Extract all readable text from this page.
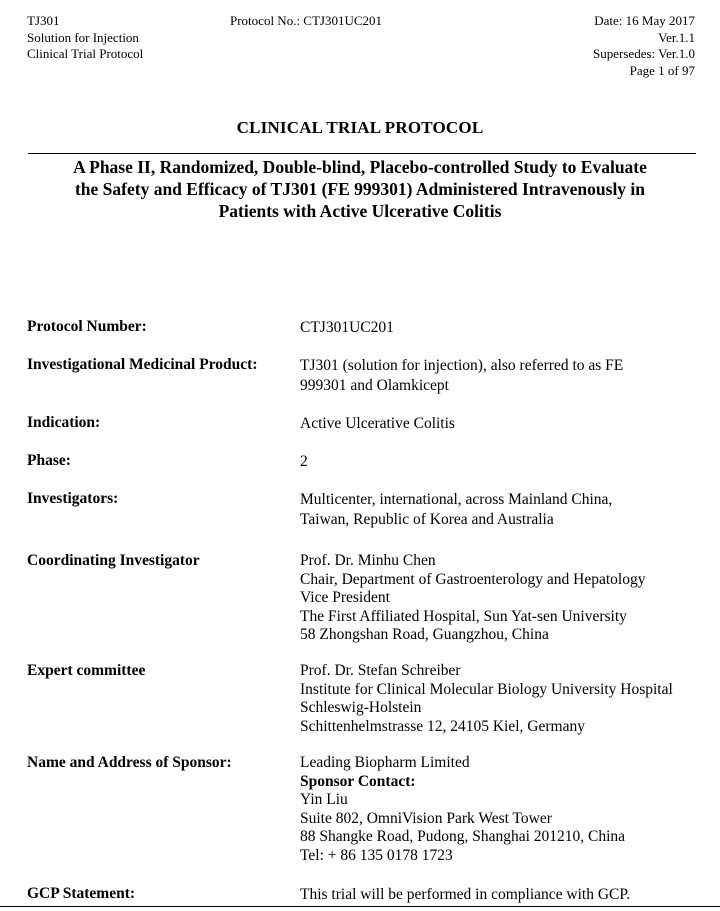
TJ301
Solution for Injection
Clinical Trial Protocol
Protocol No.: CTJ301UC201	Date: 16 May 2017
Ver.1.1
Supersedes: Ver.1.0
Page 1 of 97
CLINICAL TRIAL PROTOCOL
A Phase II, Randomized, Double-blind, Placebo-controlled Study to Evaluate
the Safety and Efficacy of TJ301 (FE 999301) Administered Intravenously in
Patients with Active Ulcerative Colitis
Protocol Number:	CTJ301UC201
Investigational Medicinal Product:	TJ301 (solution for injection), also referred to as FE
999301 and Olamkicept
Indication:	Active Ulcerative Colitis
Phase:	2
Investigators:	Multicenter, international, across Mainland China,
Taiwan, Republic of Korea and Australia
Coordinating Investigator	Prof. Dr. Minhu Chen
Chair, Department of Gastroenterology and Hepatology
Vice President
The First Affiliated Hospital, Sun Yat-sen University
58 Zhongshan Road, Guangzhou, China
Expert committee	Prof. Dr. Stefan Schreiber
Institute for Clinical Molecular Biology University Hospital
Schleswig-Holstein
Schittenhelmstrasse 12, 24105 Kiel, Germany
Name and Address of Sponsor:	Leading Biopharm Limited
Sponsor Contact:
Yin Liu
Suite 802, OmniVision Park West Tower
88 Shangke Road, Pudong, Shanghai 201210, China
Tel: + 86 135 0178 1723
GCP Statement:	This trial will be performed in compliance with GCP.
